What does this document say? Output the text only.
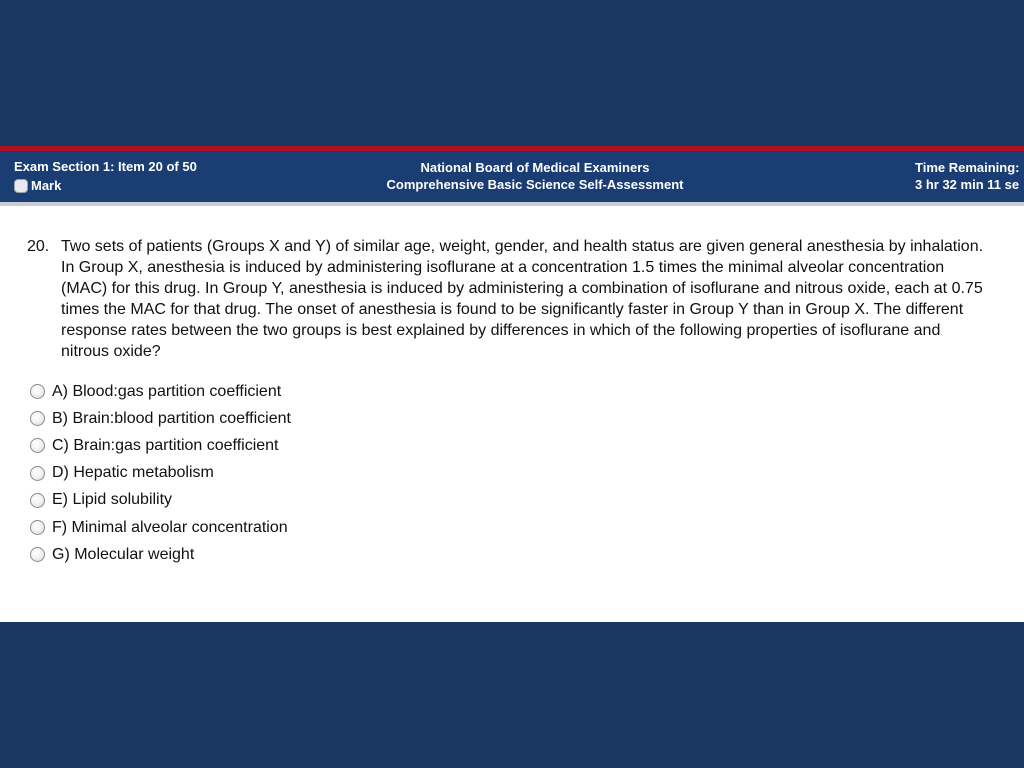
Exam Section 1: Item 20 of 50
Mark
National Board of Medical Examiners
Comprehensive Basic Science Self-Assessment
Time Remaining:
3 hr 32 min 11 se
20. Two sets of patients (Groups X and Y) of similar age, weight, gender, and health status are given general anesthesia by inhalation. In Group X, anesthesia is induced by administering isoflurane at a concentration 1.5 times the minimal alveolar concentration (MAC) for this drug. In Group Y, anesthesia is induced by administering a combination of isoflurane and nitrous oxide, each at 0.75 times the MAC for that drug. The onset of anesthesia is found to be significantly faster in Group Y than in Group X. The different response rates between the two groups is best explained by differences in which of the following properties of isoflurane and nitrous oxide?
A) Blood:gas partition coefficient
B) Brain:blood partition coefficient
C) Brain:gas partition coefficient
D) Hepatic metabolism
E) Lipid solubility
F) Minimal alveolar concentration
G) Molecular weight
